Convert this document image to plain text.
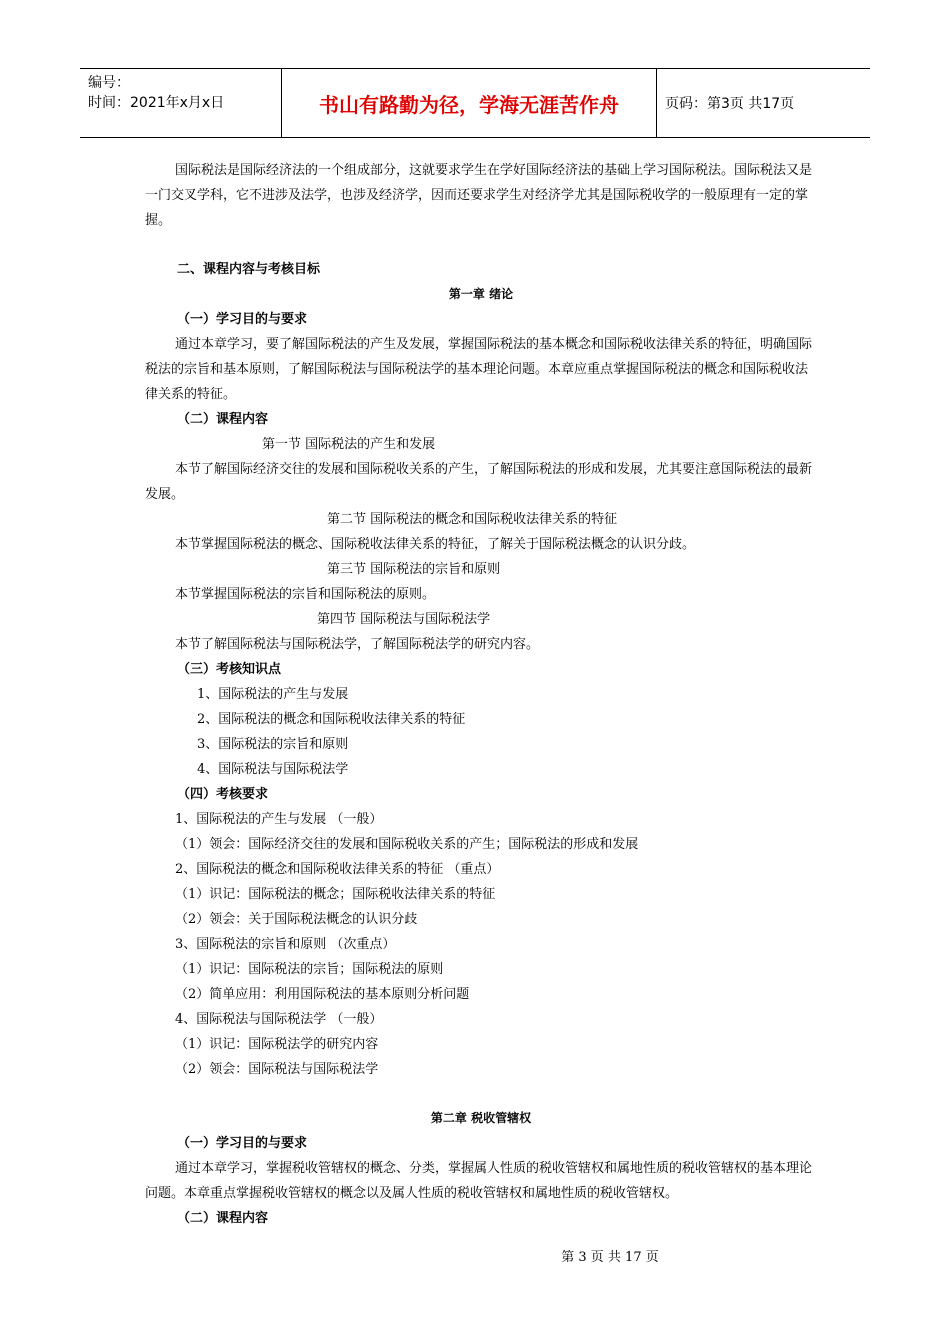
编号：
时间：2021年x月x日	书山有路勤为径，学海无涯苦作舟	页码：第3页 共17页

国际税法是国际经济法的一个组成部分，这就要求学生在学好国际经济法的基础上学习国际税法。国际税法又是一门交叉学科，它不进涉及法学，也涉及经济学，因而还要求学生对经济学尤其是国际税收学的一般原理有一定的掌握。

二、课程内容与考核目标

第一章 绪论

（一）学习目的与要求

通过本章学习，要了解国际税法的产生及发展，掌握国际税法的基本概念和国际税收法律关系的特征，明确国际税法的宗旨和基本原则，了解国际税法与国际税法学的基本理论问题。本章应重点掌握国际税法的概念和国际税收法律关系的特征。

（二）课程内容

第一节 国际税法的产生和发展

本节了解国际经济交往的发展和国际税收关系的产生，了解国际税法的形成和发展，尤其要注意国际税法的最新发展。

第二节 国际税法的概念和国际税收法律关系的特征

本节掌握国际税法的概念、国际税收法律关系的特征，了解关于国际税法概念的认识分歧。

第三节 国际税法的宗旨和原则

本节掌握国际税法的宗旨和国际税法的原则。

第四节 国际税法与国际税法学

本节了解国际税法与国际税法学，了解国际税法学的研究内容。

（三）考核知识点

1、国际税法的产生与发展

2、国际税法的概念和国际税收法律关系的特征

3、国际税法的宗旨和原则

4、国际税法与国际税法学

（四）考核要求

1、国际税法的产生与发展 （一般）

（1）领会：国际经济交往的发展和国际税收关系的产生；国际税法的形成和发展

2、国际税法的概念和国际税收法律关系的特征 （重点）

（1）识记：国际税法的概念；国际税收法律关系的特征

（2）领会：关于国际税法概念的认识分歧

3、国际税法的宗旨和原则 （次重点）

（1）识记：国际税法的宗旨；国际税法的原则

（2）简单应用：利用国际税法的基本原则分析问题

4、国际税法与国际税法学 （一般）

（1）识记：国际税法学的研究内容

（2）领会：国际税法与国际税法学

第二章 税收管辖权

（一）学习目的与要求

通过本章学习，掌握税收管辖权的概念、分类，掌握属人性质的税收管辖权和属地性质的税收管辖权的基本理论问题。本章重点掌握税收管辖权的概念以及属人性质的税收管辖权和属地性质的税收管辖权。

（二）课程内容

第 3 页 共 17 页
